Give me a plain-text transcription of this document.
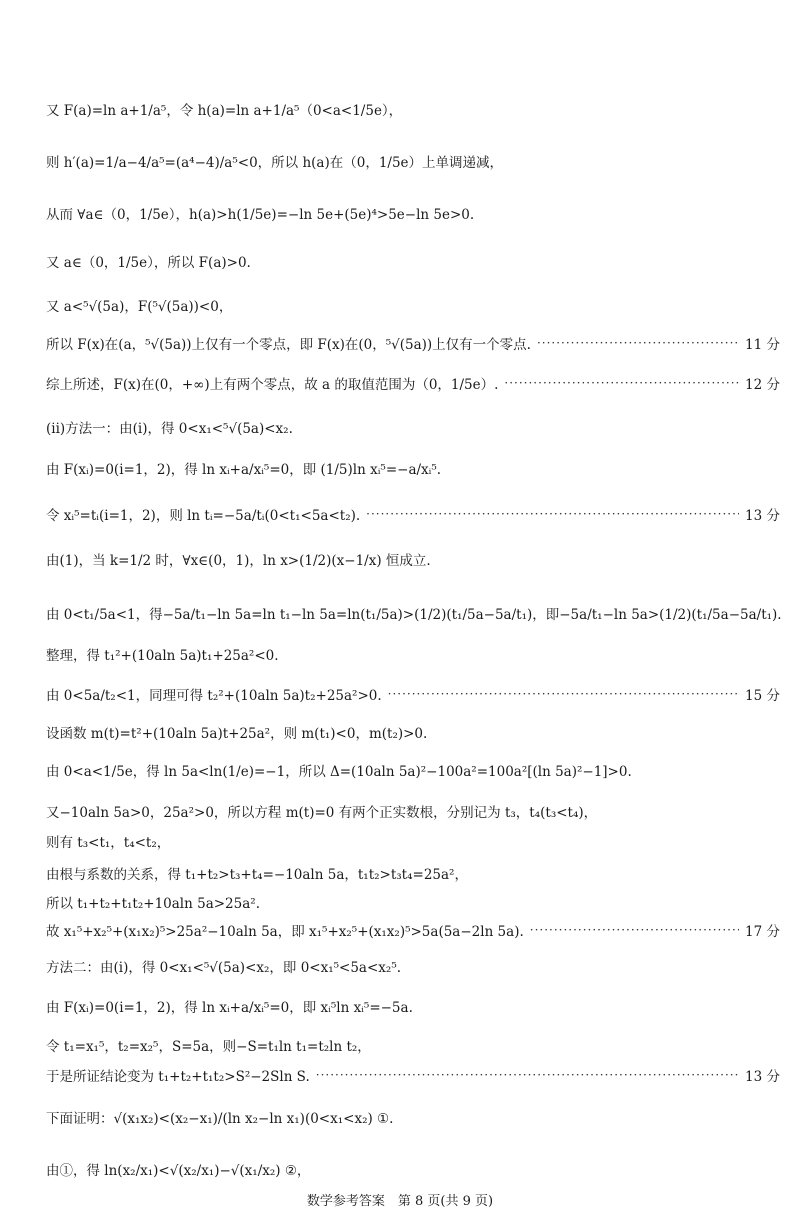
又 F(a)=ln a+1/a⁵，令 h(a)=ln a+1/a⁵（0<a<1/5e），
则 h′(a)=1/a−4/a⁵=(a⁴−4)/a⁵<0，所以 h(a)在（0，1/5e）上单调递减，
从而 ∀a∈（0，1/5e），h(a)>h(1/5e)=−ln 5e+(5e)⁴>5e−ln 5e>0.
又 a∈（0，1/5e），所以 F(a)>0.
又 a<⁵√(5a)，F(⁵√(5a))<0，
所以 F(x)在(a，⁵√(5a))上仅有一个零点，即 F(x)在(0，⁵√(5a))上仅有一个零点. ·····	11 分
综上所述，F(x)在(0，+∞)上有两个零点，故 a 的取值范围为（0，1/5e）. ·····	12 分
(ii)方法一：由(i)，得 0<x₁<⁵√(5a)<x₂.
由 F(xᵢ)=0(i=1，2)，得 ln xᵢ+a/xᵢ⁵=0，即 (1/5)ln xᵢ⁵=−a/xᵢ⁵.
令 xᵢ⁵=tᵢ(i=1，2)，则 ln tᵢ=−5a/tᵢ(0<t₁<5a<t₂). ·····	13 分
由(1)，当 k=1/2 时，∀x∈(0，1)，ln x>(1/2)(x−1/x) 恒成立.
由 0<t₁/5a<1，得−5a/t₁−ln 5a=ln t₁−ln 5a=ln(t₁/5a)>(1/2)(t₁/5a−5a/t₁)，即−5a/t₁−ln 5a>(1/2)(t₁/5a−5a/t₁).
整理，得 t₁²+(10aln 5a)t₁+25a²<0.
由 0<5a/t₂<1，同理可得 t₂²+(10aln 5a)t₂+25a²>0. ·····	15 分
设函数 m(t)=t²+(10aln 5a)t+25a²，则 m(t₁)<0，m(t₂)>0.
由 0<a<1/5e，得 ln 5a<ln(1/e)=−1，所以 Δ=(10aln 5a)²−100a²=100a²[(ln 5a)²−1]>0.
又−10aln 5a>0，25a²>0，所以方程 m(t)=0 有两个正实数根，分别记为 t₃，t₄(t₃<t₄)，
则有 t₃<t₁，t₄<t₂，
由根与系数的关系，得 t₁+t₂>t₃+t₄=−10aln 5a，t₁t₂>t₃t₄=25a²，
所以 t₁+t₂+t₁t₂+10aln 5a>25a².
故 x₁⁵+x₂⁵+(x₁x₂)⁵>25a²−10aln 5a，即 x₁⁵+x₂⁵+(x₁x₂)⁵>5a(5a−2ln 5a). ·····	17 分
方法二：由(i)，得 0<x₁<⁵√(5a)<x₂，即 0<x₁⁵<5a<x₂⁵.
由 F(xᵢ)=0(i=1，2)，得 ln xᵢ+a/xᵢ⁵=0，即 xᵢ⁵ln xᵢ⁵=−5a.
令 t₁=x₁⁵，t₂=x₂⁵，S=5a，则−S=t₁ln t₁=t₂ln t₂，
于是所证结论变为 t₁+t₂+t₁t₂>S²−2Sln S. ·····	13 分
下面证明：√(x₁x₂)<(x₂−x₁)/(ln x₂−ln x₁)(0<x₁<x₂) ①.
由①，得 ln(x₂/x₁)<√(x₂/x₁)−√(x₁/x₂) ②，
数学参考答案　第 8 页(共 9 页)
